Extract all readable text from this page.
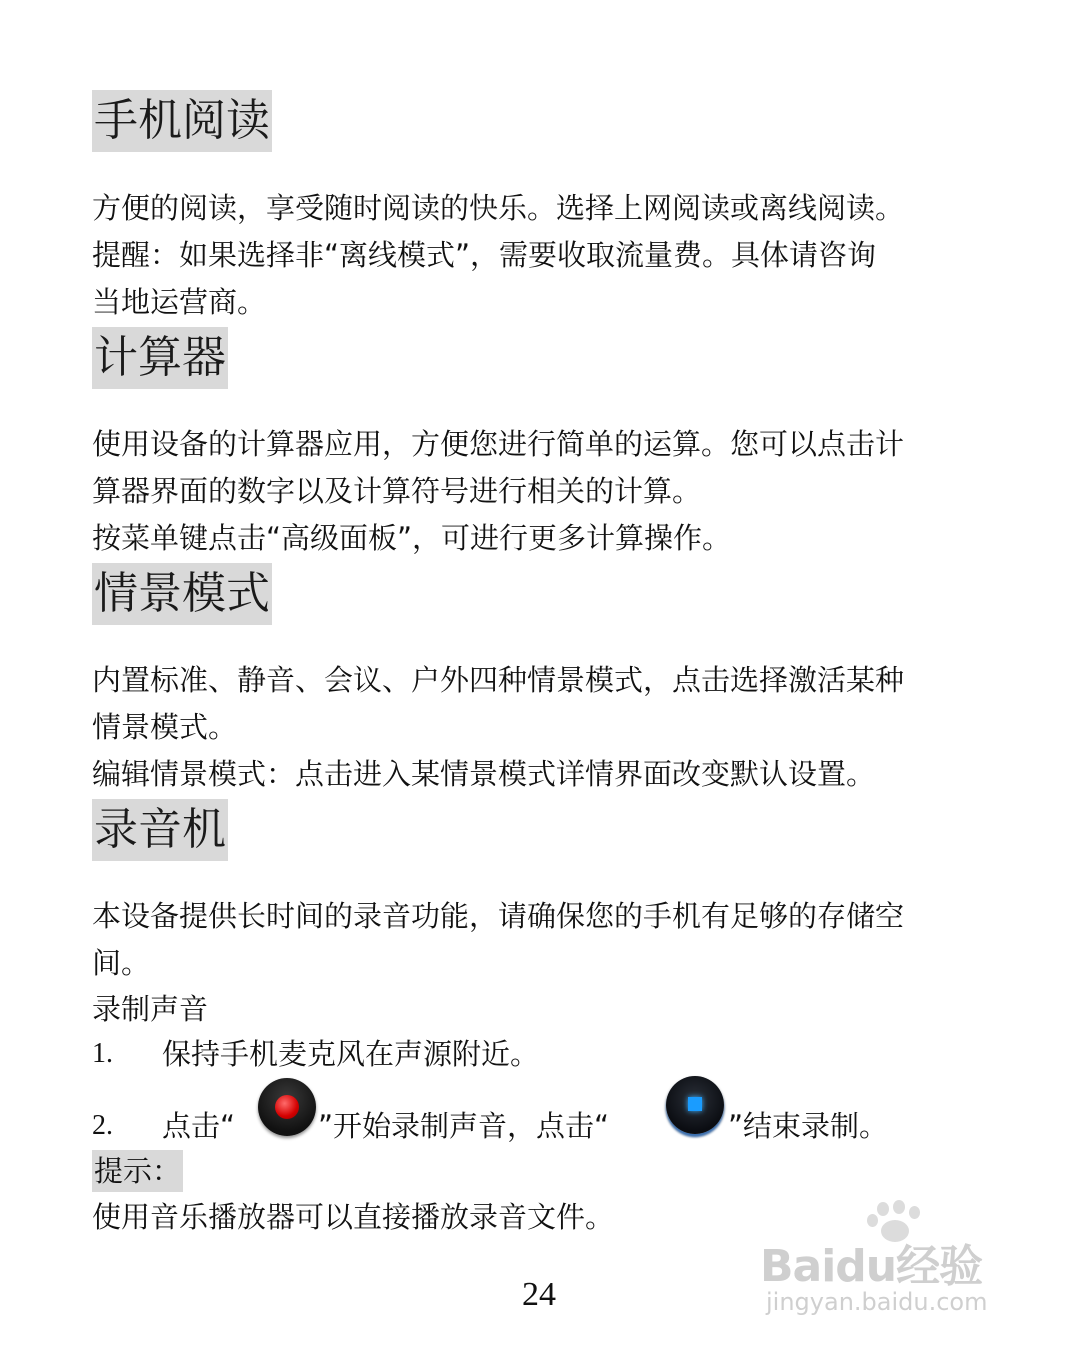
手机阅读
方便的阅读，享受随时阅读的快乐。选择上网阅读或离线阅读。
提醒：如果选择非“离线模式”，需要收取流量费。具体请咨询
当地运营商。
计算器
使用设备的计算器应用，方便您进行简单的运算。您可以点击计
算器界面的数字以及计算符号进行相关的计算。
按菜单键点击“高级面板”，可进行更多计算操作。
情景模式
内置标准、静音、会议、户外四种情景模式，点击选择激活某种
情景模式。
编辑情景模式：点击进入某情景模式详情界面改变默认设置。
录音机
本设备提供长时间的录音功能，请确保您的手机有足够的存储空
间。
录制声音
1. 保持手机麦克风在声源附近。
2. 点击“	”开始录制声音，点击“	”结束录制。
提示：
使用音乐播放器可以直接播放录音文件。
24
Baidu经验
jingyan.baidu.com
